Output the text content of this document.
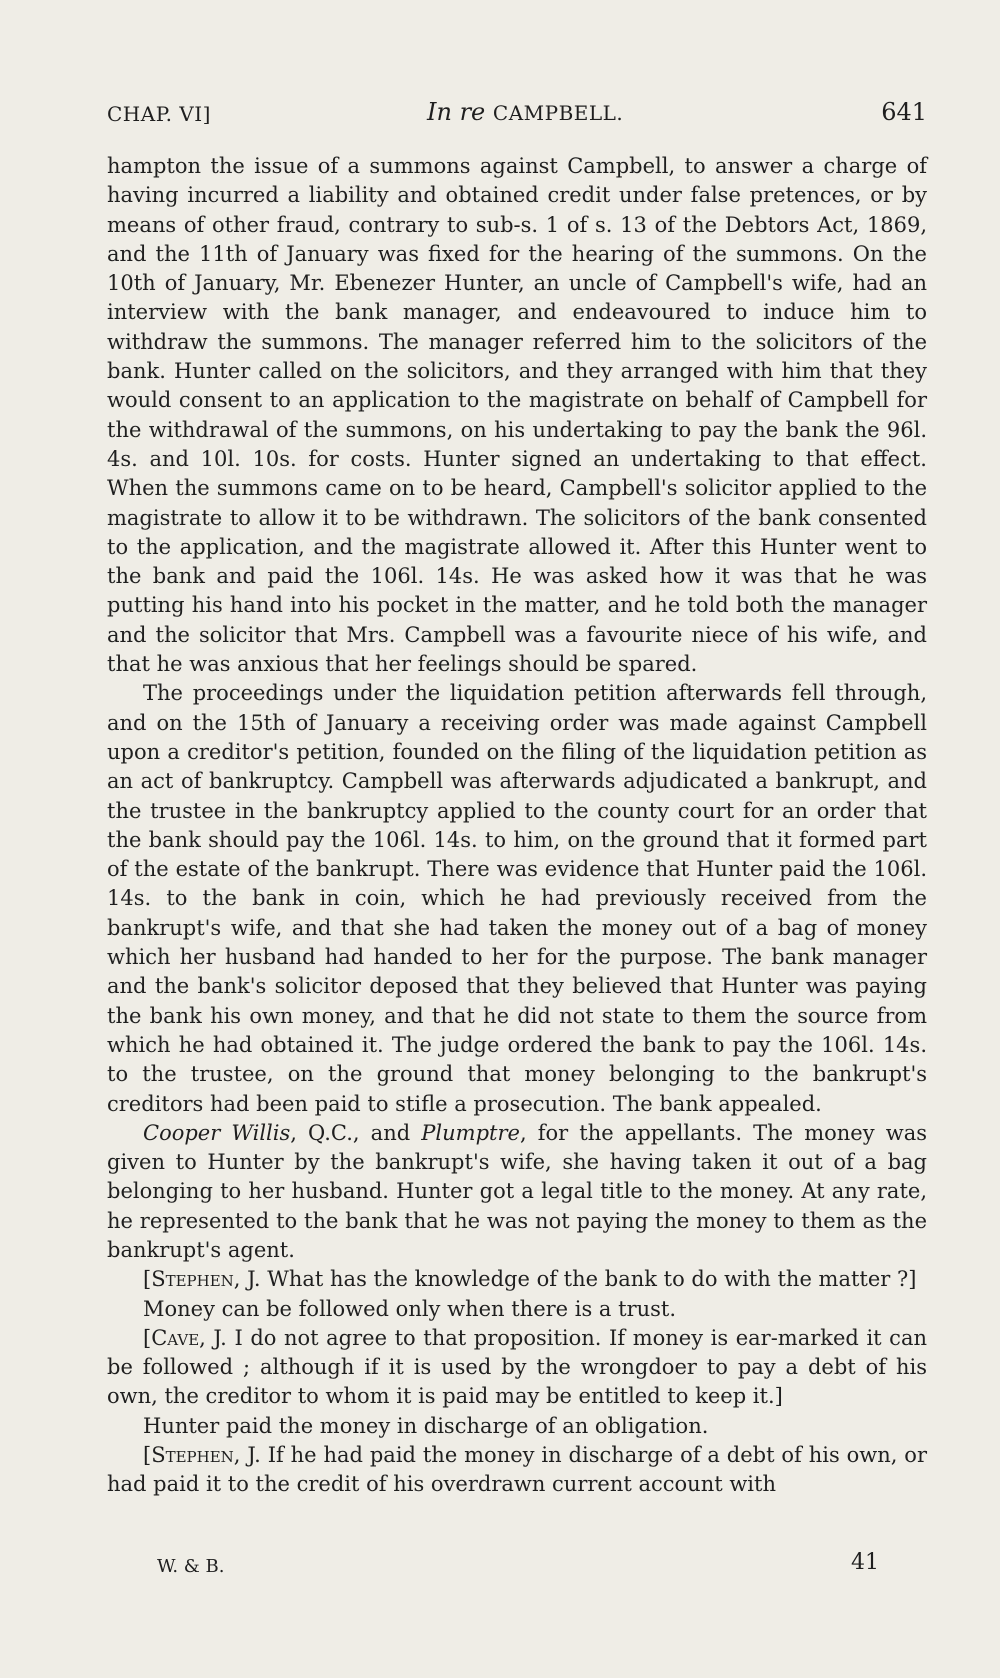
CHAP. VI]	In re CAMPBELL.	641

hampton the issue of a summons against Campbell, to answer a charge of having incurred a liability and obtained credit under false pretences, or by means of other fraud, contrary to sub-s. 1 of s. 13 of the Debtors Act, 1869, and the 11th of January was fixed for the hearing of the summons. On the 10th of January, Mr. Ebenezer Hunter, an uncle of Campbell's wife, had an interview with the bank manager, and endeavoured to induce him to withdraw the summons. The manager referred him to the solicitors of the bank. Hunter called on the solicitors, and they arranged with him that they would consent to an application to the magistrate on behalf of Campbell for the withdrawal of the summons, on his undertaking to pay the bank the 96l. 4s. and 10l. 10s. for costs. Hunter signed an undertaking to that effect. When the summons came on to be heard, Campbell's solicitor applied to the magistrate to allow it to be withdrawn. The solicitors of the bank consented to the application, and the magistrate allowed it. After this Hunter went to the bank and paid the 106l. 14s. He was asked how it was that he was putting his hand into his pocket in the matter, and he told both the manager and the solicitor that Mrs. Campbell was a favourite niece of his wife, and that he was anxious that her feelings should be spared.

The proceedings under the liquidation petition afterwards fell through, and on the 15th of January a receiving order was made against Campbell upon a creditor's petition, founded on the filing of the liquidation petition as an act of bankruptcy. Campbell was afterwards adjudicated a bankrupt, and the trustee in the bankruptcy applied to the county court for an order that the bank should pay the 106l. 14s. to him, on the ground that it formed part of the estate of the bankrupt. There was evidence that Hunter paid the 106l. 14s. to the bank in coin, which he had previously received from the bankrupt's wife, and that she had taken the money out of a bag of money which her husband had handed to her for the purpose. The bank manager and the bank's solicitor deposed that they believed that Hunter was paying the bank his own money, and that he did not state to them the source from which he had obtained it. The judge ordered the bank to pay the 106l. 14s. to the trustee, on the ground that money belonging to the bankrupt's creditors had been paid to stifle a prosecution. The bank appealed.

Cooper Willis, Q.C., and Plumptre, for the appellants. The money was given to Hunter by the bankrupt's wife, she having taken it out of a bag belonging to her husband. Hunter got a legal title to the money. At any rate, he represented to the bank that he was not paying the money to them as the bankrupt's agent.

[Stephen, J. What has the knowledge of the bank to do with the matter ?]

Money can be followed only when there is a trust.

[Cave, J. I do not agree to that proposition. If money is ear-marked it can be followed ; although if it is used by the wrongdoer to pay a debt of his own, the creditor to whom it is paid may be entitled to keep it.]

Hunter paid the money in discharge of an obligation.

[Stephen, J. If he had paid the money in discharge of a debt of his own, or had paid it to the credit of his overdrawn current account with

W. & B.	41
